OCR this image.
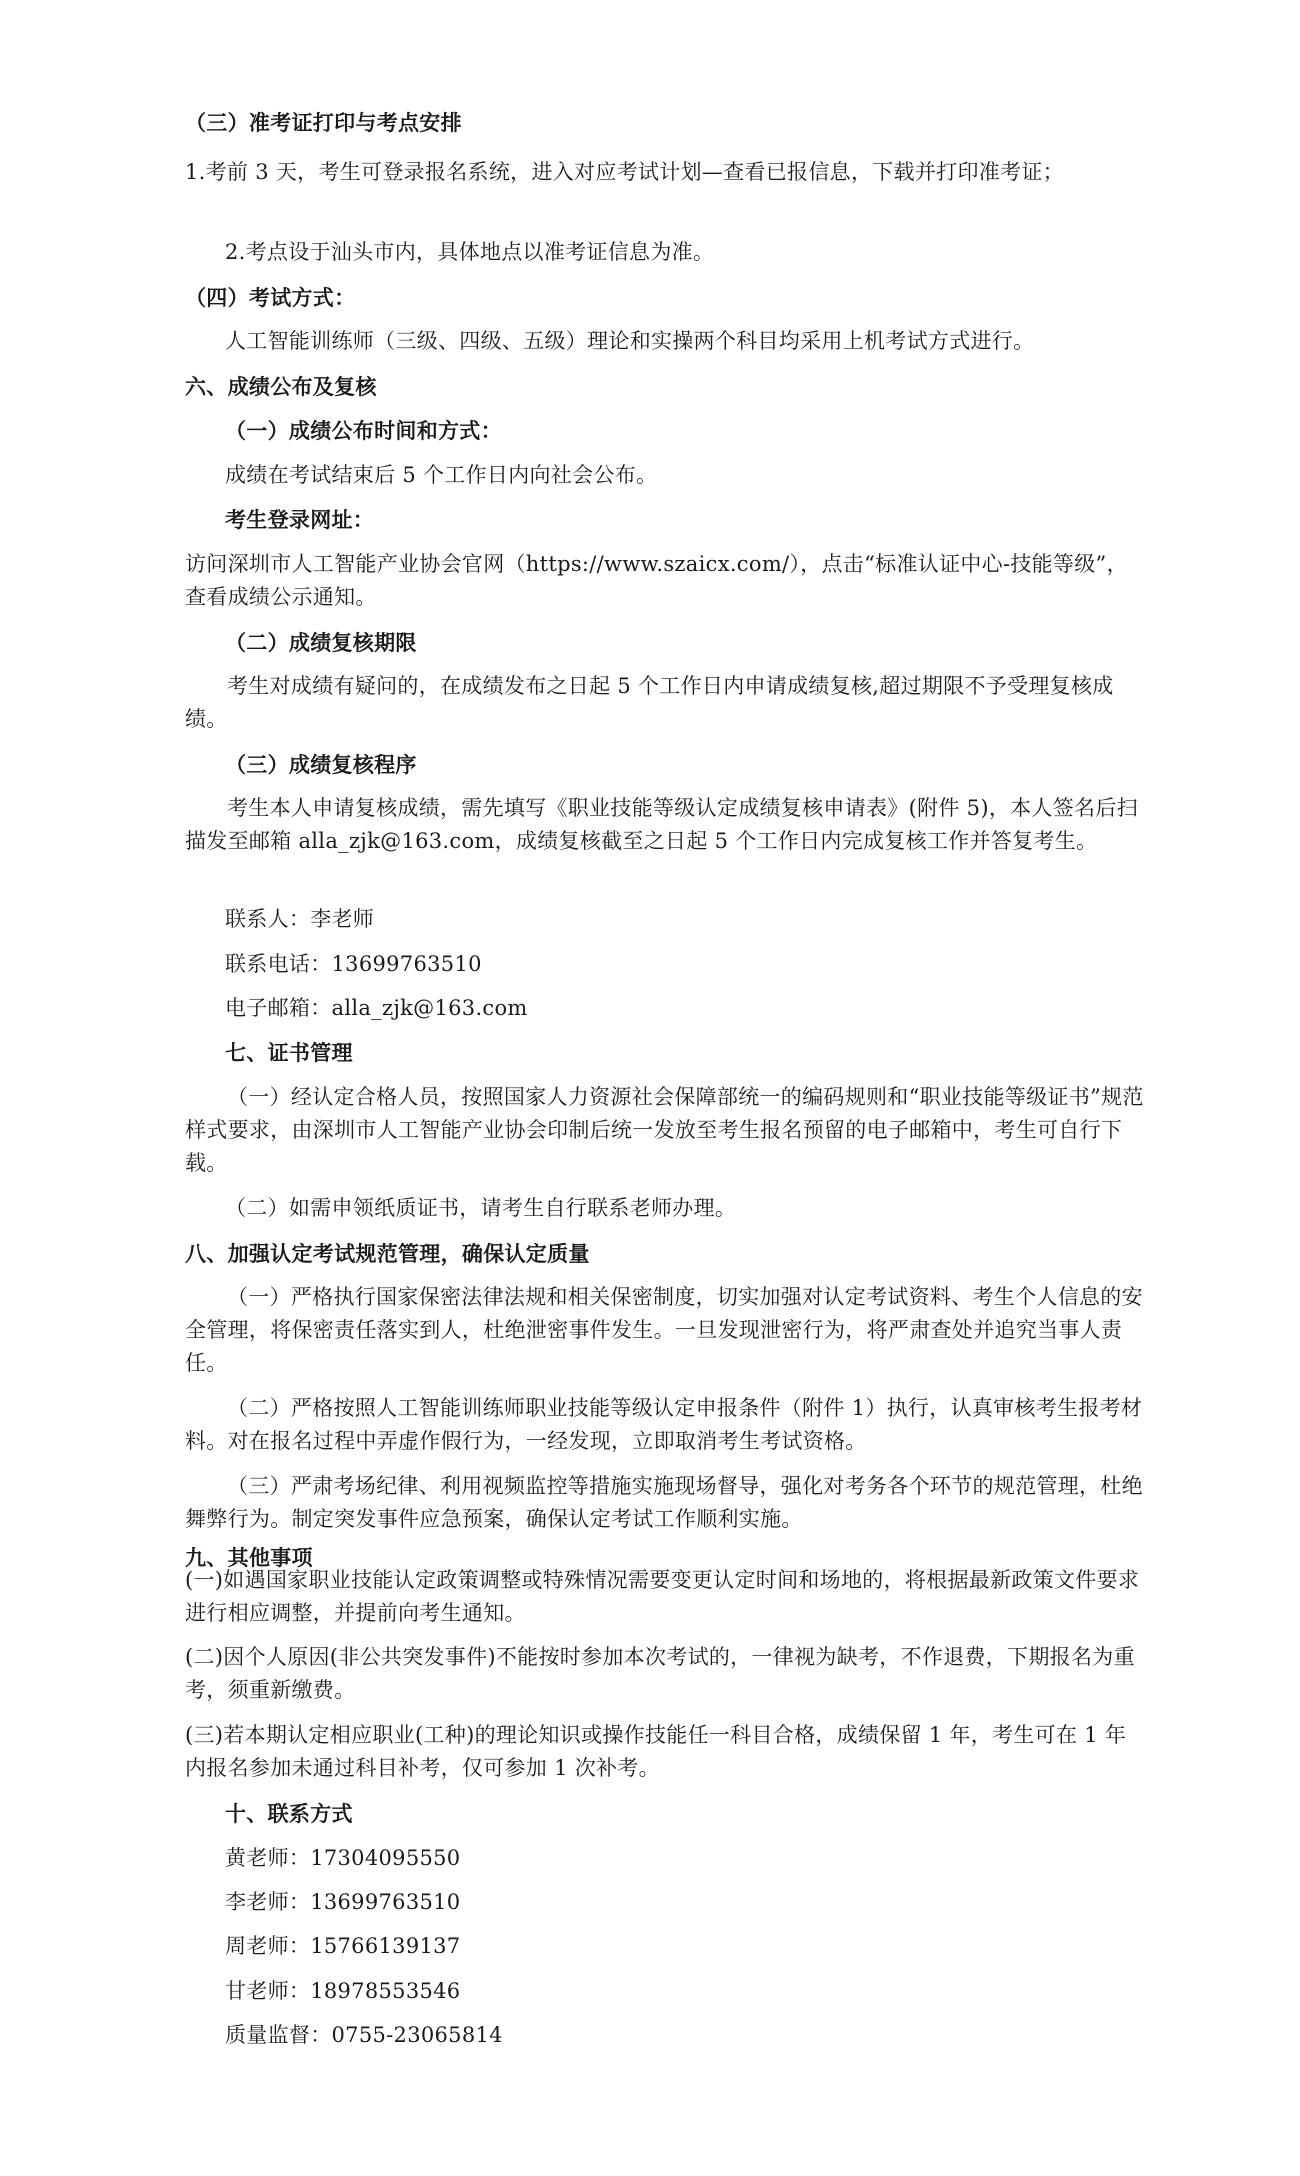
（三）准考证打印与考点安排
1.考前 3 天，考生可登录报名系统，进入对应考试计划—查看已报信息，下载并打印准考证；
2.考点设于汕头市内，具体地点以准考证信息为准。
（四）考试方式：
人工智能训练师（三级、四级、五级）理论和实操两个科目均采用上机考试方式进行。
六、成绩公布及复核
（一）成绩公布时间和方式：
成绩在考试结束后 5 个工作日内向社会公布。
考生登录网址：
访问深圳市人工智能产业协会官网（https://www.szaicx.com/），点击“标准认证中心-技能等级”，查看成绩公示通知。
（二）成绩复核期限
考生对成绩有疑问的，在成绩发布之日起 5 个工作日内申请成绩复核,超过期限不予受理复核成绩。
（三）成绩复核程序
考生本人申请复核成绩，需先填写《职业技能等级认定成绩复核申请表》(附件 5)，本人签名后扫描发至邮箱 alla_zjk@163.com，成绩复核截至之日起 5 个工作日内完成复核工作并答复考生。
联系人：李老师
联系电话：13699763510
电子邮箱：alla_zjk@163.com
七、证书管理
（一）经认定合格人员，按照国家人力资源社会保障部统一的编码规则和“职业技能等级证书”规范样式要求，由深圳市人工智能产业协会印制后统一发放至考生报名预留的电子邮箱中，考生可自行下载。
（二）如需申领纸质证书，请考生自行联系老师办理。
八、加强认定考试规范管理，确保认定质量
（一）严格执行国家保密法律法规和相关保密制度，切实加强对认定考试资料、考生个人信息的安全管理，将保密责任落实到人，杜绝泄密事件发生。一旦发现泄密行为，将严肃查处并追究当事人责任。
（二）严格按照人工智能训练师职业技能等级认定申报条件（附件 1）执行，认真审核考生报考材料。对在报名过程中弄虚作假行为，一经发现，立即取消考生考试资格。
（三）严肃考场纪律、利用视频监控等措施实施现场督导，强化对考务各个环节的规范管理，杜绝舞弊行为。制定突发事件应急预案，确保认定考试工作顺利实施。
九、其他事项
(一)如遇国家职业技能认定政策调整或特殊情况需要变更认定时间和场地的，将根据最新政策文件要求进行相应调整，并提前向考生通知。
(二)因个人原因(非公共突发事件)不能按时参加本次考试的，一律视为缺考，不作退费，下期报名为重考，须重新缴费。
(三)若本期认定相应职业(工种)的理论知识或操作技能任一科目合格，成绩保留 1 年，考生可在 1 年内报名参加未通过科目补考，仅可参加 1 次补考。
十、联系方式
黄老师：17304095550
李老师：13699763510
周老师：15766139137
甘老师：18978553546
质量监督：0755-23065814
